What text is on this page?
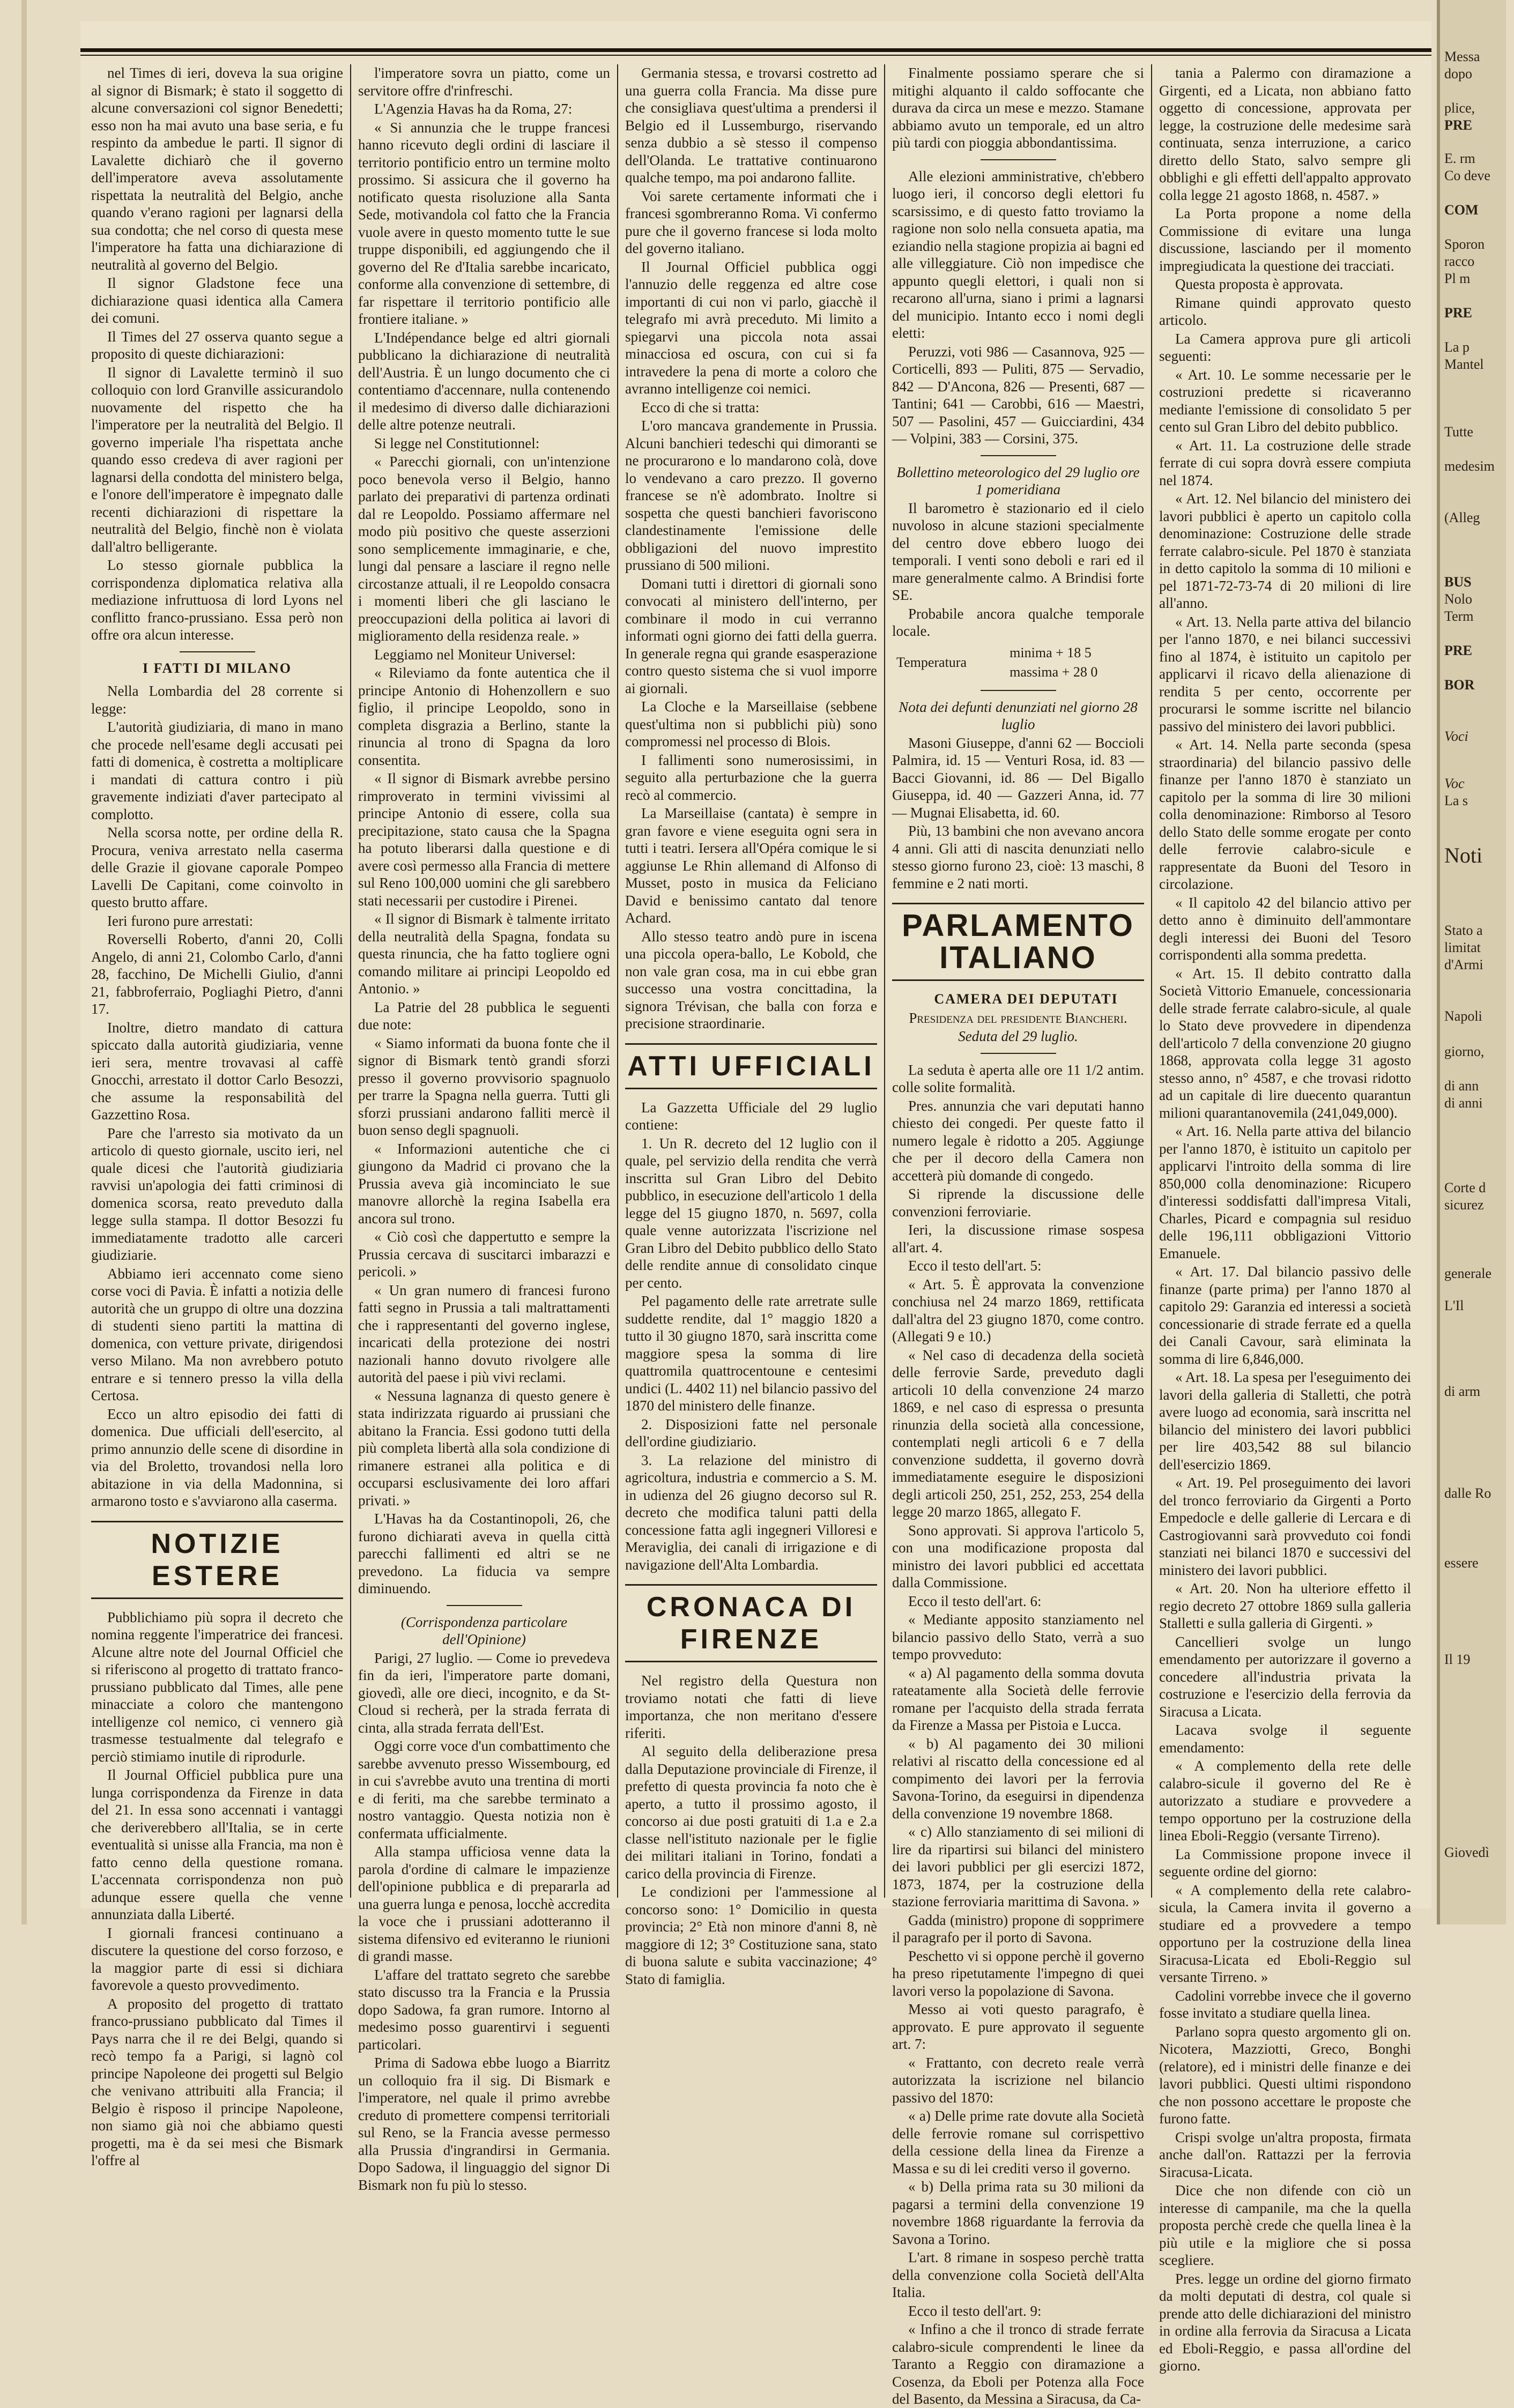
nel Times di ieri, doveva la sua origine al signor di Bismark; è stato il soggetto di alcune conversazioni col signor Benedetti; esso non ha mai avuto una base seria, e fu respinto da ambedue le parti. Il signor di Lavalette dichiarò che il governo dell'imperatore aveva assolutamente rispettata la neutralità del Belgio, anche quando v'erano ragioni per lagnarsi della sua condotta; che nel corso di questa mese l'imperatore ha fatta una dichiarazione di neutralità al governo del Belgio.

Il signor Gladstone fece una dichiarazione quasi identica alla Camera dei comuni.

Il Times del 27 osserva quanto segue a proposito di queste dichiarazioni:

Il signor di Lavalette terminò il suo colloquio con lord Granville assicurandolo nuovamente del rispetto che ha l'imperatore per la neutralità del Belgio. Il governo imperiale l'ha rispettata anche quando esso credeva di aver ragioni per lagnarsi della condotta del ministero belga, e l'onore dell'imperatore è impegnato dalle recenti dichiarazioni di rispettare la neutralità del Belgio, finchè non è violata dall'altro belligerante.

Lo stesso giornale pubblica la corrispondenza diplomatica relativa alla mediazione infruttuosa di lord Lyons nel conflitto franco-prussiano. Essa però non offre ora alcun interesse.

I FATTI DI MILANO

Nella Lombardia del 28 corrente si legge:

L'autorità giudiziaria, di mano in mano che procede nell'esame degli accusati pei fatti di domenica, è costretta a moltiplicare i mandati di cattura contro i più gravemente indiziati d'aver partecipato al complotto.

Nella scorsa notte, per ordine della R. Procura, veniva arrestato nella caserma delle Grazie il giovane caporale Pompeo Lavelli De Capitani, come coinvolto in questo brutto affare.

Ieri furono pure arrestati:

Roverselli Roberto, d'anni 20, Colli Angelo, di anni 21, Colombo Carlo, d'anni 28, facchino, De Michelli Giulio, d'anni 21, fabbroferraio, Pogliaghi Pietro, d'anni 17.

Inoltre, dietro mandato di cattura spiccato dalla autorità giudiziaria, venne ieri sera, mentre trovavasi al caffè Gnocchi, arrestato il dottor Carlo Besozzi, che assume la responsabilità del Gazzettino Rosa.

Pare che l'arresto sia motivato da un articolo di questo giornale, uscito ieri, nel quale dicesi che l'autorità giudiziaria ravvisi un'apologia dei fatti criminosi di domenica scorsa, reato preveduto dalla legge sulla stampa. Il dottor Besozzi fu immediatamente tradotto alle carceri giudiziarie.

Abbiamo ieri accennato come sieno corse voci di Pavia. È infatti a notizia delle autorità che un gruppo di oltre una dozzina di studenti sieno partiti la mattina di domenica, con vetture private, dirigendosi verso Milano. Ma non avrebbero potuto entrare e si tennero presso la villa della Certosa.

Ecco un altro episodio dei fatti di domenica. Due ufficiali dell'esercito, al primo annunzio delle scene di disordine in via del Broletto, trovandosi nella loro abitazione in via della Madonnina, si armarono tosto e s'avviarono alla caserma.

NOTIZIE ESTERE

Pubblichiamo più sopra il decreto che nomina reggente l'imperatrice dei francesi. Alcune altre note del Journal Officiel che si riferiscono al progetto di trattato franco-prussiano pubblicato dal Times, alle pene minacciate a coloro che mantengono intelligenze col nemico, ci vennero già trasmesse testualmente dal telegrafo e perciò stimiamo inutile di riprodurle.

Il Journal Officiel pubblica pure una lunga corrispondenza da Firenze in data del 21. In essa sono accennati i vantaggi che deriverebbero all'Italia, se in certe eventualità si unisse alla Francia, ma non è fatto cenno della questione romana. L'accennata corrispondenza non può adunque essere quella che venne annunziata dalla Liberté.

I giornali francesi continuano a discutere la questione del corso forzoso, e la maggior parte di essi si dichiara favorevole a questo provvedimento.

A proposito del progetto di trattato franco-prussiano pubblicato dal Times il Pays narra che il re dei Belgi, quando si recò tempo fa a Parigi, si lagnò col principe Napoleone dei progetti sul Belgio che venivano attribuiti alla Francia; il Belgio è risposo il principe Napoleone, non siamo già noi che abbiamo questi progetti, ma è da sei mesi che Bismark l'offre al

l'imperatore sovra un piatto, come un servitore offre d'rinfreschi.

L'Agenzia Havas ha da Roma, 27:

« Si annunzia che le truppe francesi hanno ricevuto degli ordini di lasciare il territorio pontificio entro un termine molto prossimo. Si assicura che il governo ha notificato questa risoluzione alla Santa Sede, motivandola col fatto che la Francia vuole avere in questo momento tutte le sue truppe disponibili, ed aggiungendo che il governo del Re d'Italia sarebbe incaricato, conforme alla convenzione di settembre, di far rispettare il territorio pontificio alle frontiere italiane. »

L'Indépendance belge ed altri giornali pubblicano la dichiarazione di neutralità dell'Austria. È un lungo documento che ci contentiamo d'accennare, nulla contenendo il medesimo di diverso dalle dichiarazioni delle altre potenze neutrali.

Si legge nel Constitutionnel:

« Parecchi giornali, con un'intenzione poco benevola verso il Belgio, hanno parlato dei preparativi di partenza ordinati dal re Leopoldo. Possiamo affermare nel modo più positivo che queste asserzioni sono semplicemente immaginarie, e che, lungi dal pensare a lasciare il regno nelle circostanze attuali, il re Leopoldo consacra i momenti liberi che gli lasciano le preoccupazioni della politica ai lavori di miglioramento della residenza reale. »

Leggiamo nel Moniteur Universel:

« Rileviamo da fonte autentica che il principe Antonio di Hohenzollern e suo figlio, il principe Leopoldo, sono in completa disgrazia a Berlino, stante la rinuncia al trono di Spagna da loro consentita.

« Il signor di Bismark avrebbe persino rimproverato in termini vivissimi al principe Antonio di essere, colla sua precipitazione, stato causa che la Spagna ha potuto liberarsi dalla questione e di avere così permesso alla Francia di mettere sul Reno 100,000 uomini che gli sarebbero stati necessarii per custodire i Pirenei.

« Il signor di Bismark è talmente irritato della neutralità della Spagna, fondata su questa rinuncia, che ha fatto togliere ogni comando militare ai principi Leopoldo ed Antonio. »

La Patrie del 28 pubblica le seguenti due note:

« Siamo informati da buona fonte che il signor di Bismark tentò grandi sforzi presso il governo provvisorio spagnuolo per trarre la Spagna nella guerra. Tutti gli sforzi prussiani andarono falliti mercè il buon senso degli spagnuoli.

« Informazioni autentiche che ci giungono da Madrid ci provano che la Prussia aveva già incominciato le sue manovre allorchè la regina Isabella era ancora sul trono.

« Ciò così che dappertutto e sempre la Prussia cercava di suscitarci imbarazzi e pericoli. »

« Un gran numero di francesi furono fatti segno in Prussia a tali maltrattamenti che i rappresentanti del governo inglese, incaricati della protezione dei nostri nazionali hanno dovuto rivolgere alle autorità del paese i più vivi reclami.

« Nessuna lagnanza di questo genere è stata indirizzata riguardo ai prussiani che abitano la Francia. Essi godono tutti della più completa libertà alla sola condizione di rimanere estranei alla politica e di occuparsi esclusivamente dei loro affari privati. »

L'Havas ha da Costantinopoli, 26, che furono dichiarati aveva in quella città parecchi fallimenti ed altri se ne prevedono. La fiducia va sempre diminuendo.

(Corrispondenza particolare dell'Opinione)

Parigi, 27 luglio. — Come io prevedeva fin da ieri, l'imperatore parte domani, giovedì, alle ore dieci, incognito, e da St-Cloud si recherà, per la strada ferrata di cinta, alla strada ferrata dell'Est.

Oggi corre voce d'un combattimento che sarebbe avvenuto presso Wissembourg, ed in cui s'avrebbe avuto una trentina di morti e di feriti, ma che sarebbe terminato a nostro vantaggio. Questa notizia non è confermata ufficialmente.

Alla stampa ufficiosa venne data la parola d'ordine di calmare le impazienze dell'opinione pubblica e di prepararla ad una guerra lunga e penosa, locchè accredita la voce che i prussiani adotteranno il sistema difensivo ed eviteranno le riunioni di grandi masse.

L'affare del trattato segreto che sarebbe stato discusso tra la Francia e la Prussia dopo Sadowa, fa gran rumore. Intorno al medesimo posso guarentirvi i seguenti particolari.

Prima di Sadowa ebbe luogo a Biarritz un colloquio fra il sig. Di Bismark e l'imperatore, nel quale il primo avrebbe creduto di promettere compensi territoriali sul Reno, se la Francia avesse permesso alla Prussia d'ingrandirsi in Germania. Dopo Sadowa, il linguaggio del signor Di Bismark non fu più lo stesso.

Germania stessa, e trovarsi costretto ad una guerra colla Francia. Ma disse pure che consigliava quest'ultima a prendersi il Belgio ed il Lussemburgo, riservando senza dubbio a sè stesso il compenso dell'Olanda. Le trattative continuarono qualche tempo, ma poi andarono fallite.

Voi sarete certamente informati che i francesi sgombreranno Roma. Vi confermo pure che il governo francese si loda molto del governo italiano.

Il Journal Officiel pubblica oggi l'annuzio delle reggenza ed altre cose importanti di cui non vi parlo, giacchè il telegrafo mi avrà preceduto. Mi limito a spiegarvi una piccola nota assai minacciosa ed oscura, con cui si fa intravedere la pena di morte a coloro che avranno intelligenze coi nemici.

Ecco di che si tratta:

L'oro mancava grandemente in Prussia. Alcuni banchieri tedeschi qui dimoranti se ne procurarono e lo mandarono colà, dove lo vendevano a caro prezzo. Il governo francese se n'è adombrato. Inoltre si sospetta che questi banchieri favoriscono clandestinamente l'emissione delle obbligazioni del nuovo imprestito prussiano di 500 milioni.

Domani tutti i direttori di giornali sono convocati al ministero dell'interno, per combinare il modo in cui verranno informati ogni giorno dei fatti della guerra. In generale regna qui grande esasperazione contro questo sistema che si vuol imporre ai giornali.

La Cloche e la Marseillaise (sebbene quest'ultima non si pubblichi più) sono compromessi nel processo di Blois.

I fallimenti sono numerosissimi, in seguito alla perturbazione che la guerra recò al commercio.

La Marseillaise (cantata) è sempre in gran favore e viene eseguita ogni sera in tutti i teatri. Iersera all'Opéra comique le si aggiunse Le Rhin allemand di Alfonso di Musset, posto in musica da Feliciano David e benissimo cantato dal tenore Achard.

Allo stesso teatro andò pure in iscena una piccola opera-ballo, Le Kobold, che non vale gran cosa, ma in cui ebbe gran successo una vostra concittadina, la signora Trévisan, che balla con forza e precisione straordinarie.

ATTI UFFICIALI

La Gazzetta Ufficiale del 29 luglio contiene:

1. Un R. decreto del 12 luglio con il quale, pel servizio della rendita che verrà inscritta sul Gran Libro del Debito pubblico, in esecuzione dell'articolo 1 della legge del 15 giugno 1870, n. 5697, colla quale venne autorizzata l'iscrizione nel Gran Libro del Debito pubblico dello Stato delle rendite annue di consolidato cinque per cento.

Pel pagamento delle rate arretrate sulle suddette rendite, dal 1° maggio 1820 a tutto il 30 giugno 1870, sarà inscritta come maggiore spesa la somma di lire quattromila quattrocentoune e centesimi undici (L. 4402 11) nel bilancio passivo del 1870 del ministero delle finanze.

2. Disposizioni fatte nel personale dell'ordine giudiziario.

3. La relazione del ministro di agricoltura, industria e commercio a S. M. in udienza del 26 giugno decorso sul R. decreto che modifica taluni patti della concessione fatta agli ingegneri Villoresi e Meraviglia, dei canali di irrigazione e di navigazione dell'Alta Lombardia.

CRONACA DI FIRENZE

Nel registro della Questura non troviamo notati che fatti di lieve importanza, che non meritano d'essere riferiti.

Al seguito della deliberazione presa dalla Deputazione provinciale di Firenze, il prefetto di questa provincia fa noto che è aperto, a tutto il prossimo agosto, il concorso ai due posti gratuiti di 1.a e 2.a classe nell'istituto nazionale per le figlie dei militari italiani in Torino, fondati a carico della provincia di Firenze.

Le condizioni per l'ammessione al concorso sono: 1° Domicilio in questa provincia; 2° Età non minore d'anni 8, nè maggiore di 12; 3° Costituzione sana, stato di buona salute e subita vaccinazione; 4° Stato di famiglia.

Finalmente possiamo sperare che si mitighi alquanto il caldo soffocante che durava da circa un mese e mezzo. Stamane abbiamo avuto un temporale, ed un altro più tardi con pioggia abbondantissima.

Alle elezioni amministrative, ch'ebbero luogo ieri, il concorso degli elettori fu scarsissimo, e di questo fatto troviamo la ragione non solo nella consueta apatia, ma eziandio nella stagione propizia ai bagni ed alle villeggiature. Ciò non impedisce che appunto quegli elettori, i quali non si recarono all'urna, siano i primi a lagnarsi del municipio. Intanto ecco i nomi degli eletti:

Peruzzi, voti 986 — Casannova, 925 — Corticelli, 893 — Puliti, 875 — Servadio, 842 — D'Ancona, 826 — Presenti, 687 — Tantini; 641 — Carobbi, 616 — Maestri, 507 — Pasolini, 457 — Guicciardini, 434 — Volpini, 383 — Corsini, 375.

Bollettino meteorologico del 29 luglio ore 1 pomeridiana

Il barometro è stazionario ed il cielo nuvoloso in alcune stazioni specialmente del centro dove ebbero luogo dei temporali. I venti sono deboli e rari ed il mare generalmente calmo. A Brindisi forte SE.

Probabile ancora qualche temporale locale.

Temperatura	minima + 18 5
massima + 28 0

Nota dei defunti denunziati nel giorno 28 luglio

Masoni Giuseppe, d'anni 62 — Boccioli Palmira, id. 15 — Venturi Rosa, id. 83 — Bacci Giovanni, id. 86 — Del Bigallo Giuseppa, id. 40 — Gazzeri Anna, id. 77 — Mugnai Elisabetta, id. 60.

Più, 13 bambini che non avevano ancora 4 anni. Gli atti di nascita denunziati nello stesso giorno furono 23, cioè: 13 maschi, 8 femmine e 2 nati morti.

PARLAMENTO ITALIANO

CAMERA DEI DEPUTATI

Presidenza del presidente Biancheri.

Seduta del 29 luglio.

La seduta è aperta alle ore 11 1/2 antim. colle solite formalità.

Pres. annunzia che vari deputati hanno chiesto dei congedi. Per queste fatto il numero legale è ridotto a 205. Aggiunge che per il decoro della Camera non accetterà più domande di congedo.

Si riprende la discussione delle convenzioni ferroviarie.

Ieri, la discussione rimase sospesa all'art. 4.

Ecco il testo dell'art. 5:

« Art. 5. È approvata la convenzione conchiusa nel 24 marzo 1869, rettificata dall'altra del 23 giugno 1870, come contro. (Allegati 9 e 10.)

« Nel caso di decadenza della società delle ferrovie Sarde, preveduto dagli articoli 10 della convenzione 24 marzo 1869, e nel caso di espressa o presunta rinunzia della società alla concessione, contemplati negli articoli 6 e 7 della convenzione suddetta, il governo dovrà immediatamente eseguire le disposizioni degli articoli 250, 251, 252, 253, 254 della legge 20 marzo 1865, allegato F.

Sono approvati. Si approva l'articolo 5, con una modificazione proposta dal ministro dei lavori pubblici ed accettata dalla Commissione.

Ecco il testo dell'art. 6:

« Mediante apposito stanziamento nel bilancio passivo dello Stato, verrà a suo tempo provveduto:

« a) Al pagamento della somma dovuta rateatamente alla Società delle ferrovie romane per l'acquisto della strada ferrata da Firenze a Massa per Pistoia e Lucca.

« b) Al pagamento dei 30 milioni relativi al riscatto della concessione ed al compimento dei lavori per la ferrovia Savona-Torino, da eseguirsi in dipendenza della convenzione 19 novembre 1868.

« c) Allo stanziamento di sei milioni di lire da ripartirsi sui bilanci del ministero dei lavori pubblici per gli esercizi 1872, 1873, 1874, per la costruzione della stazione ferroviaria marittima di Savona. »

Gadda (ministro) propone di sopprimere il paragrafo per il porto di Savona.

Peschetto vi si oppone perchè il governo ha preso ripetutamente l'impegno di quei lavori verso la popolazione di Savona.

Messo ai voti questo paragrafo, è approvato. E pure approvato il seguente art. 7:

« Frattanto, con decreto reale verrà autorizzata la iscrizione nel bilancio passivo del 1870:

« a) Delle prime rate dovute alla Società delle ferrovie romane sul corrispettivo della cessione della linea da Firenze a Massa e su di lei crediti verso il governo.

« b) Della prima rata su 30 milioni da pagarsi a termini della convenzione 19 novembre 1868 riguardante la ferrovia da Savona a Torino.

L'art. 8 rimane in sospeso perchè tratta della convenzione colla Società dell'Alta Italia.

Ecco il testo dell'art. 9:

« Infino a che il tronco di strade ferrate calabro-sicule comprendenti le linee da Taranto a Reggio con diramazione a Cosenza, da Eboli per Potenza alla Foce del Basento, da Messina a Siracusa, da Ca-

tania a Palermo con diramazione a Girgenti, ed a Licata, non abbiano fatto oggetto di concessione, approvata per legge, la costruzione delle medesime sarà continuata, senza interruzione, a carico diretto dello Stato, salvo sempre gli obblighi e gli effetti dell'appalto approvato colla legge 21 agosto 1868, n. 4587. »

La Porta propone a nome della Commissione di evitare una lunga discussione, lasciando per il momento impregiudicata la questione dei tracciati.

Questa proposta è approvata.

Rimane quindi approvato questo articolo.

La Camera approva pure gli articoli seguenti:

« Art. 10. Le somme necessarie per le costruzioni predette si ricaveranno mediante l'emissione di consolidato 5 per cento sul Gran Libro del debito pubblico.

« Art. 11. La costruzione delle strade ferrate di cui sopra dovrà essere compiuta nel 1874.

« Art. 12. Nel bilancio del ministero dei lavori pubblici è aperto un capitolo colla denominazione: Costruzione delle strade ferrate calabro-sicule. Pel 1870 è stanziata in detto capitolo la somma di 10 milioni e pel 1871-72-73-74 di 20 milioni di lire all'anno.

« Art. 13. Nella parte attiva del bilancio per l'anno 1870, e nei bilanci successivi fino al 1874, è istituito un capitolo per applicarvi il ricavo della alienazione di rendita 5 per cento, occorrente per procurarsi le somme iscritte nel bilancio passivo del ministero dei lavori pubblici.

« Art. 14. Nella parte seconda (spesa straordinaria) del bilancio passivo delle finanze per l'anno 1870 è stanziato un capitolo per la somma di lire 30 milioni colla denominazione: Rimborso al Tesoro dello Stato delle somme erogate per conto delle ferrovie calabro-sicule e rappresentate da Buoni del Tesoro in circolazione.

« Il capitolo 42 del bilancio attivo per detto anno è diminuito dell'ammontare degli interessi dei Buoni del Tesoro corrispondenti alla somma predetta.

« Art. 15. Il debito contratto dalla Società Vittorio Emanuele, concessionaria delle strade ferrate calabro-sicule, al quale lo Stato deve provvedere in dipendenza dell'articolo 7 della convenzione 20 giugno 1868, approvata colla legge 31 agosto stesso anno, n° 4587, e che trovasi ridotto ad un capitale di lire duecento quarantun milioni quarantanovemila (241,049,000).

« Art. 16. Nella parte attiva del bilancio per l'anno 1870, è istituito un capitolo per applicarvi l'introito della somma di lire 850,000 colla denominazione: Ricupero d'interessi soddisfatti dall'impresa Vitali, Charles, Picard e compagnia sul residuo delle 196,111 obbligazioni Vittorio Emanuele.

« Art. 17. Dal bilancio passivo delle finanze (parte prima) per l'anno 1870 al capitolo 29: Garanzia ed interessi a società concessionarie di strade ferrate ed a quella dei Canali Cavour, sarà eliminata la somma di lire 6,846,000.

« Art. 18. La spesa per l'eseguimento dei lavori della galleria di Stalletti, che potrà avere luogo ad economia, sarà inscritta nel bilancio del ministero dei lavori pubblici per lire 403,542 88 sul bilancio dell'esercizio 1869.

« Art. 19. Pel proseguimento dei lavori del tronco ferroviario da Girgenti a Porto Empedocle e delle gallerie di Lercara e di Castrogiovanni sarà provveduto coi fondi stanziati nei bilanci 1870 e successivi del ministero dei lavori pubblici.

« Art. 20. Non ha ulteriore effetto il regio decreto 27 ottobre 1869 sulla galleria Stalletti e sulla galleria di Girgenti. »

Cancellieri svolge un lungo emendamento per autorizzare il governo a concedere all'industria privata la costruzione e l'esercizio della ferrovia da Siracusa a Licata.

Lacava svolge il seguente emendamento:

« A complemento della rete delle calabro-sicule il governo del Re è autorizzato a studiare e provvedere a tempo opportuno per la costruzione della linea Eboli-Reggio (versante Tirreno).

La Commissione propone invece il seguente ordine del giorno:

« A complemento della rete calabro-sicula, la Camera invita il governo a studiare ed a provvedere a tempo opportuno per la costruzione della linea Siracusa-Licata ed Eboli-Reggio sul versante Tirreno. »

Cadolini vorrebbe invece che il governo fosse invitato a studiare quella linea.

Parlano sopra questo argomento gli on. Nicotera, Mazziotti, Greco, Bonghi (relatore), ed i ministri delle finanze e dei lavori pubblici. Questi ultimi rispondono che non possono accettare le proposte che furono fatte.

Crispi svolge un'altra proposta, firmata anche dall'on. Rattazzi per la ferrovia Siracusa-Licata.

Dice che non difende con ciò un interesse di campanile, ma che la quella proposta perchè crede che quella linea è la più utile e la migliore che si possa scegliere.

Pres. legge un ordine del giorno firmato da molti deputati di destra, col quale si prende atto delle dichiarazioni del ministro in ordine alla ferrovia da Siracusa a Licata ed Eboli-Reggio, e passa all'ordine del giorno.

Messa
dopo
plice,
PRE
E. rm
Co deve
COM
Sporon
racco
Pl m
PRE
La p
Mantel
Tutte
medesim
(Alleg
BUS
Nolo
Term
PRE
BOR
Voci
Voc
La s
Noti
Stato a
limitat
d'Armi
Napoli
giorno,
di ann
di anni
Corte d
sicurez
generale
L'Il
di arm
dalle Ro
essere
Il 19
Giovedì
